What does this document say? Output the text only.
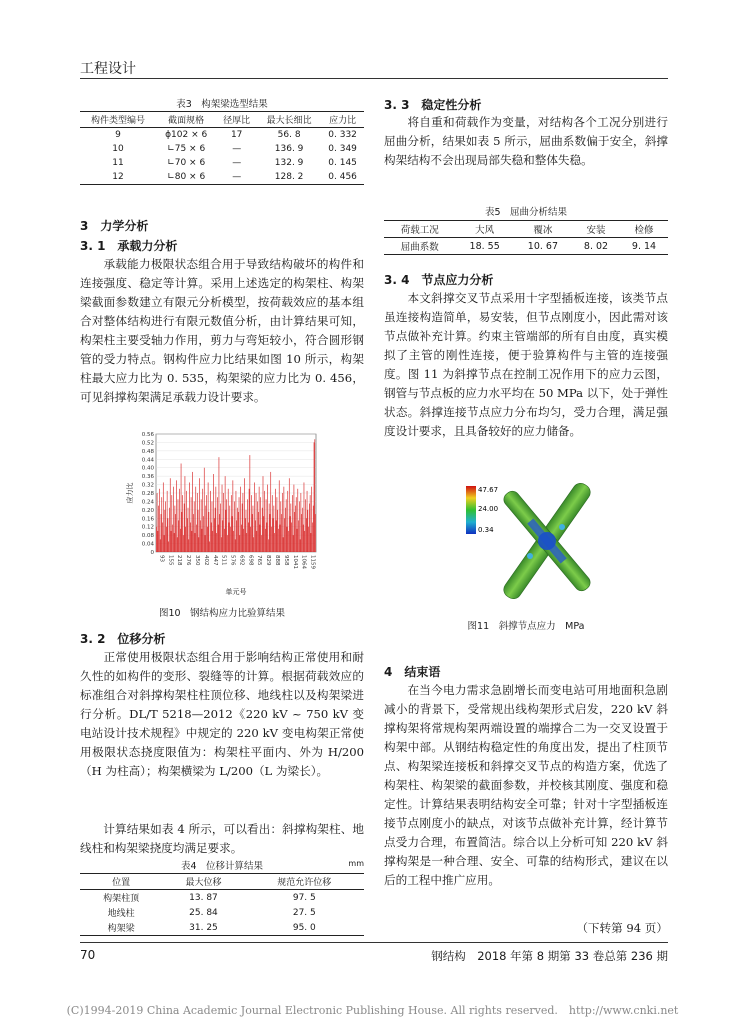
工程设计
表3　构架梁选型结果
构件类型编号	截面规格	径厚比	最大长细比	应力比
9	ϕ102 × 6	17	56. 8	0. 332
10	∟75 × 6	—	136. 9	0. 349
11	∟70 × 6	—	132. 9	0. 145
12	∟80 × 6	—	128. 2	0. 456
3　力学分析
3. 1　承载力分析
承载能力极限状态组合用于导致结构破坏的构件和连接强度、稳定等计算。采用上述选定的构架柱、构架梁截面参数建立有限元分析模型，按荷载效应的基本组合对整体结构进行有限元数值分析，由计算结果可知，构架柱主要受轴力作用，剪力与弯矩较小，符合圆形钢管的受力特点。钢构件应力比结果如图 10 所示，构架柱最大应力比为 0. 535，构架梁的应力比为 0. 456，可见斜撑构架满足承载力设计要求。
0
0.04
0.08
0.12
0.16
0.20
0.24
0.28
0.32
0.36
0.40
0.44
0.48
0.52
0.56
93 155 218 276 350 402 447 511 576 692 698 765 829 888 958 1041 1064 1159
应力比
单元号
图10　钢结构应力比验算结果
3. 2　位移分析
正常使用极限状态组合用于影响结构正常使用和耐久性的如构件的变形、裂缝等的计算。根据荷载效应的标准组合对斜撑构架柱柱顶位移、地线柱以及构架梁进行分析。DL/T 5218—2012《220 kV ~ 750 kV 变电站设计技术规程》中规定的 220 kV 变电构架正常使用极限状态挠度限值为：构架柱平面内、外为 H/200（H 为柱高）；构架横梁为 L/200（L 为梁长）。
计算结果如表 4 所示，可以看出：斜撑构架柱、地线柱和构架梁挠度均满足要求。
表4　位移计算结果	mm
位置	最大位移	规范允许位移
构架柱顶	13. 87	97. 5
地线柱	25. 84	27. 5
构架梁	31. 25	95. 0
3. 3　稳定性分析
将自重和荷载作为变量，对结构各个工况分别进行屈曲分析，结果如表 5 所示，屈曲系数偏于安全，斜撑构架结构不会出现局部失稳和整体失稳。
表5　屈曲分析结果
荷载工况	大风	覆冰	安装	检修
屈曲系数	18. 55	10. 67	8. 02	9. 14
3. 4　节点应力分析
本文斜撑交叉节点采用十字型插板连接，该类节点虽连接构造简单，易安装，但节点刚度小，因此需对该节点做补充计算。约束主管端部的所有自由度，真实模拟了主管的刚性连接，便于验算构件与主管的连接强度。图 11 为斜撑节点在控制工况作用下的应力云图，钢管与节点板的应力水平均在 50 MPa 以下，处于弹性状态。斜撑连接节点应力分布均匀，受力合理，满足强度设计要求，且具备较好的应力储备。
47.67
24.00
0.34
图11　斜撑节点应力　MPa
4　结束语
在当今电力需求急剧增长而变电站可用地面积急剧减小的背景下，受常规出线构架形式启发，220 kV 斜撑构架将常规构架两端设置的端撑合二为一交叉设置于构架中部。从钢结构稳定性的角度出发，提出了柱顶节点、构架梁连接板和斜撑交叉节点的构造方案，优选了构架柱、构架梁的截面参数，并校核其刚度、强度和稳定性。计算结果表明结构安全可靠；针对十字型插板连接节点刚度小的缺点，对该节点做补充计算，经计算节点受力合理，布置简洁。综合以上分析可知 220 kV 斜撑构架是一种合理、安全、可靠的结构形式，建议在以后的工程中推广应用。
（下转第 94 页）
70	钢结构　2018 年第 8 期第 33 卷总第 236 期
(C)1994-2019 China Academic Journal Electronic Publishing House. All rights reserved.　http://www.cnki.net
